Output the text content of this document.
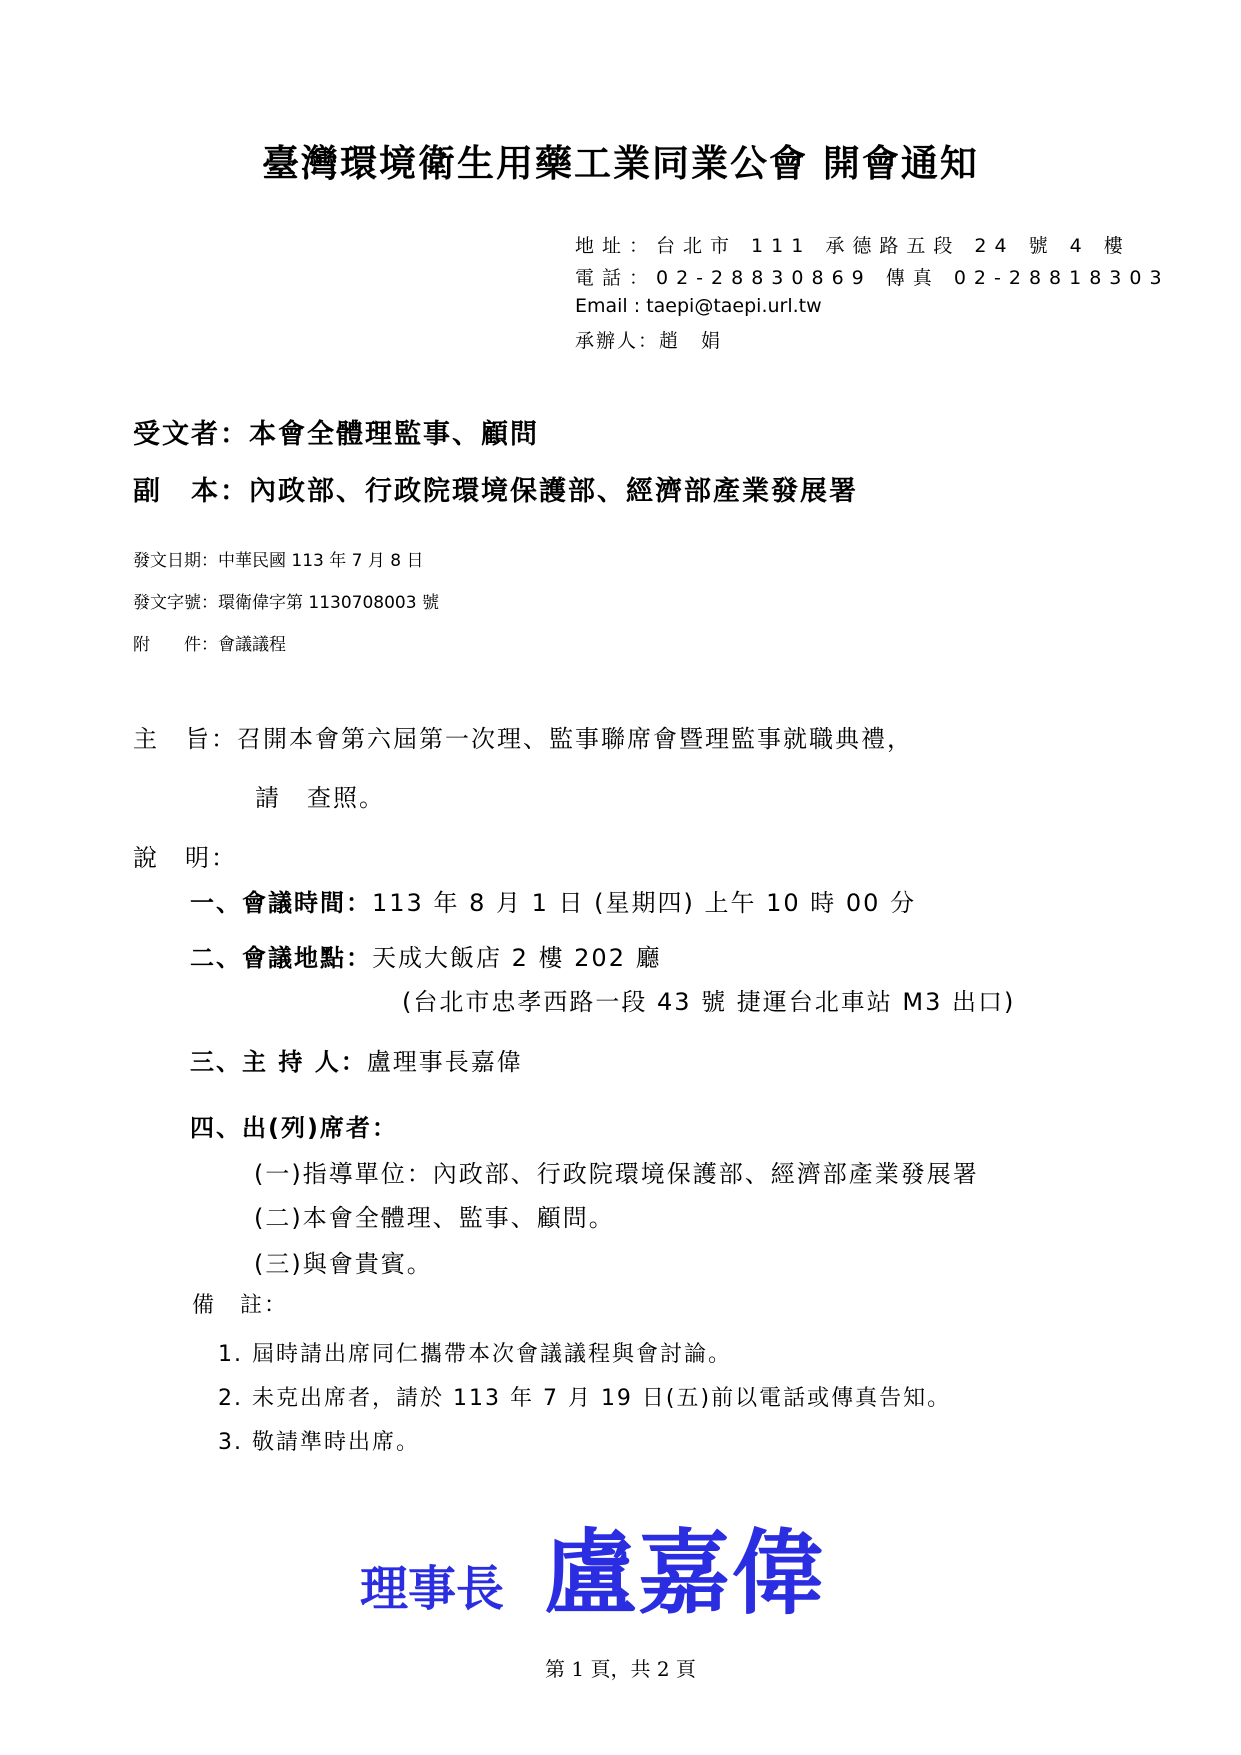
臺灣環境衛生用藥工業同業公會 開會通知
地址：台北市 111 承德路五段 24 號 4 樓
電話：02-28830869 傳真 02-28818303
Email : taepi@taepi.url.tw
承辦人：趙　娟
受文者：本會全體理監事、顧問
副　本：內政部、行政院環境保護部、經濟部產業發展署
發文日期：中華民國 113 年 7 月 8 日
發文字號：環衛偉字第 1130708003 號
附　　件：會議議程
主　旨：召開本會第六屆第一次理、監事聯席會暨理監事就職典禮，
請　查照。
說　明：
一、會議時間：113 年 8 月 1 日 (星期四) 上午 10 時 00 分
二、會議地點：天成大飯店 2 樓 202 廳
(台北市忠孝西路一段 43 號 捷運台北車站 M3 出口)
三、主 持 人：盧理事長嘉偉
四、出(列)席者：
(一)指導單位：內政部、行政院環境保護部、經濟部產業發展署
(二)本會全體理、監事、顧問。
(三)與會貴賓。
備　註：
1. 屆時請出席同仁攜帶本次會議議程與會討論。
2. 未克出席者，請於 113 年 7 月 19 日(五)前以電話或傳真告知。
3. 敬請準時出席。
理事長 盧嘉偉
第 1 頁，共 2 頁
